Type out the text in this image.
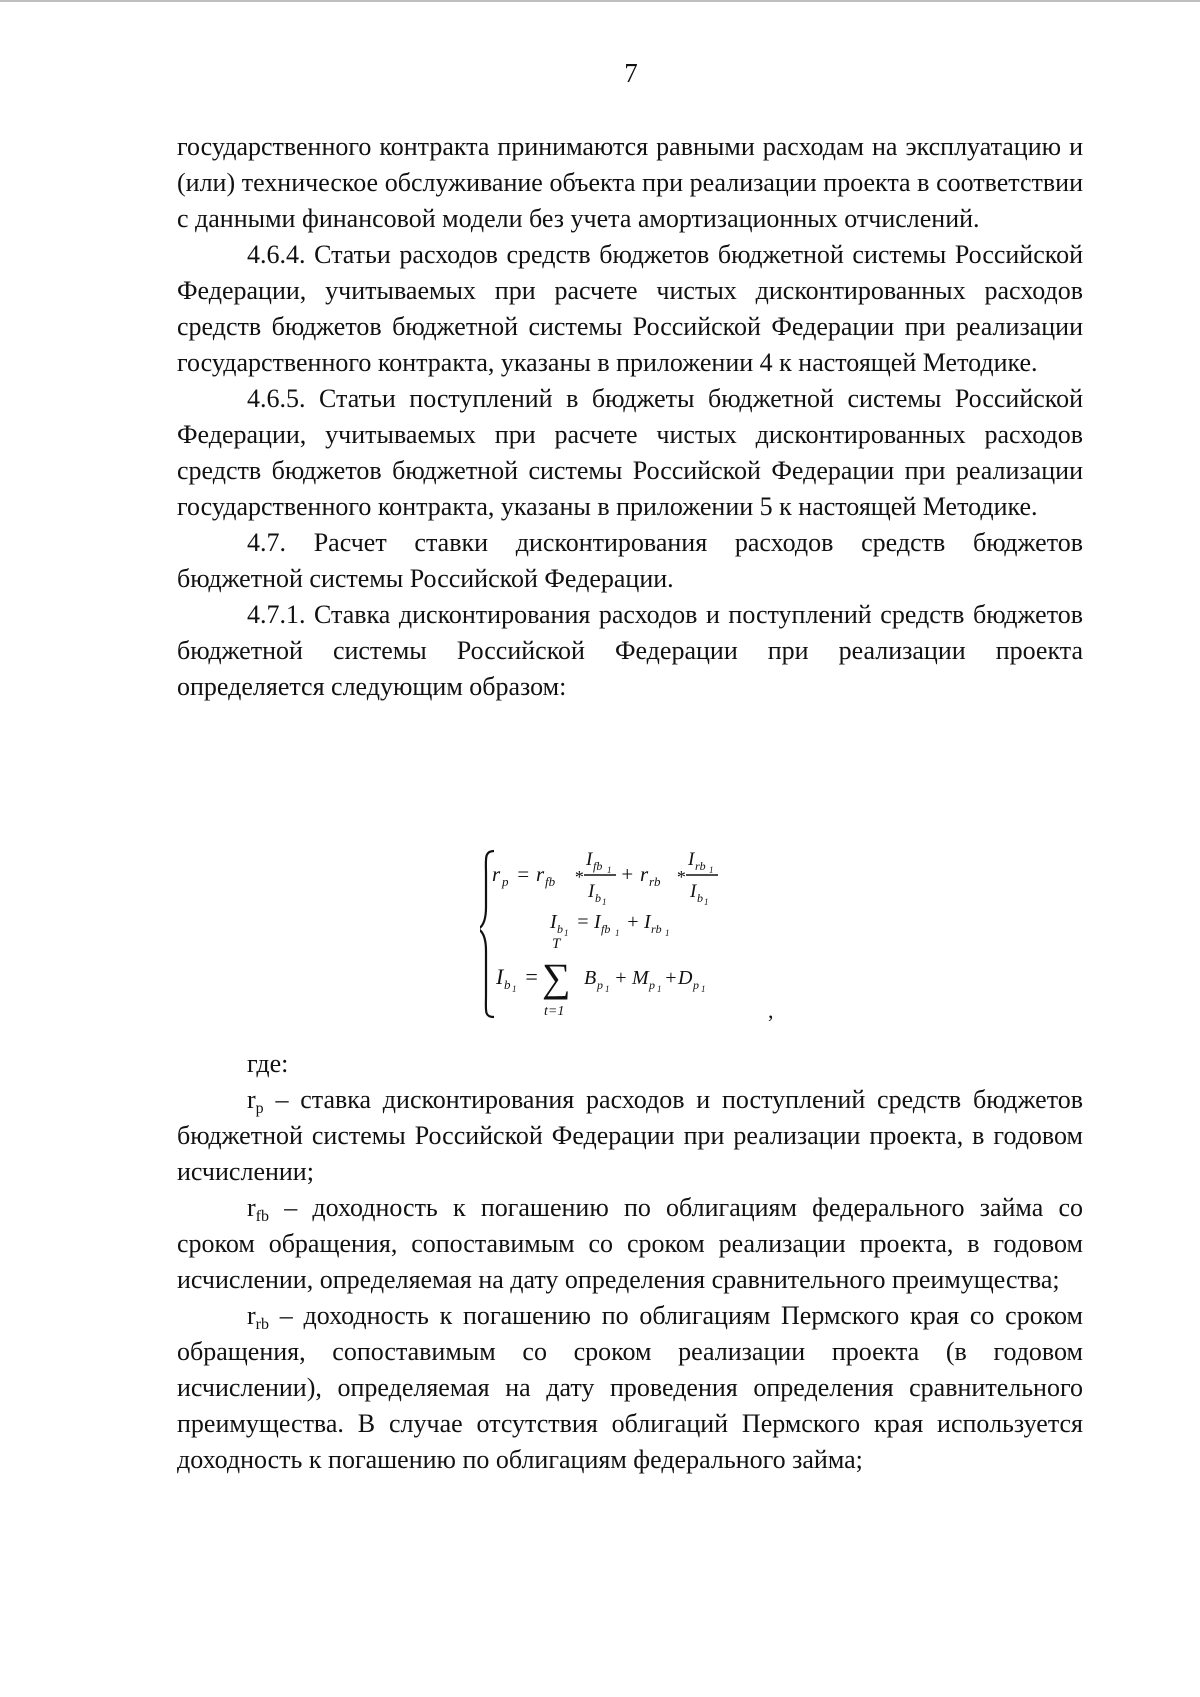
7

государственного контракта принимаются равными расходам на эксплуатацию и (или) техническое обслуживание объекта при реализации проекта в соответствии с данными финансовой модели без учета амортизационных отчислений.

4.6.4. Статьи расходов средств бюджетов бюджетной системы Российской Федерации, учитываемых при расчете чистых дисконтированных расходов средств бюджетов бюджетной системы Российской Федерации при реализации государственного контракта, указаны в приложении 4 к настоящей Методике.

4.6.5. Статьи поступлений в бюджеты бюджетной системы Российской Федерации, учитываемых при расчете чистых дисконтированных расходов средств бюджетов бюджетной системы Российской Федерации при реализации государственного контракта, указаны в приложении 5 к настоящей Методике.

4.7. Расчет ставки дисконтирования расходов средств бюджетов бюджетной системы Российской Федерации.

4.7.1. Ставка дисконтирования расходов и поступлений средств бюджетов бюджетной системы Российской Федерации при реализации проекта определяется следующим образом:

r p = r fb *
I fb 1
I b 1
+ r rb *
I rb 1
I b 1
I b 1 = I fb 1 + I rb 1
T
I b 1 = ∑
t=1
B p 1 + M p 1 + D p 1
,

где:

$r_p$ – ставка дисконтирования расходов и поступлений средств бюджетов бюджетной системы Российской Федерации при реализации проекта, в годовом исчислении;

$r_{fb}$ – доходность к погашению по облигациям федерального займа со сроком обращения, сопоставимым со сроком реализации проекта, в годовом исчислении, определяемая на дату определения сравнительного преимущества;

$r_{rb}$ – доходность к погашению по облигациям Пермского края со сроком обращения, сопоставимым со сроком реализации проекта (в годовом исчислении), определяемая на дату проведения определения сравнительного преимущества. В случае отсутствия облигаций Пермского края используется доходность к погашению по облигациям федерального займа;
